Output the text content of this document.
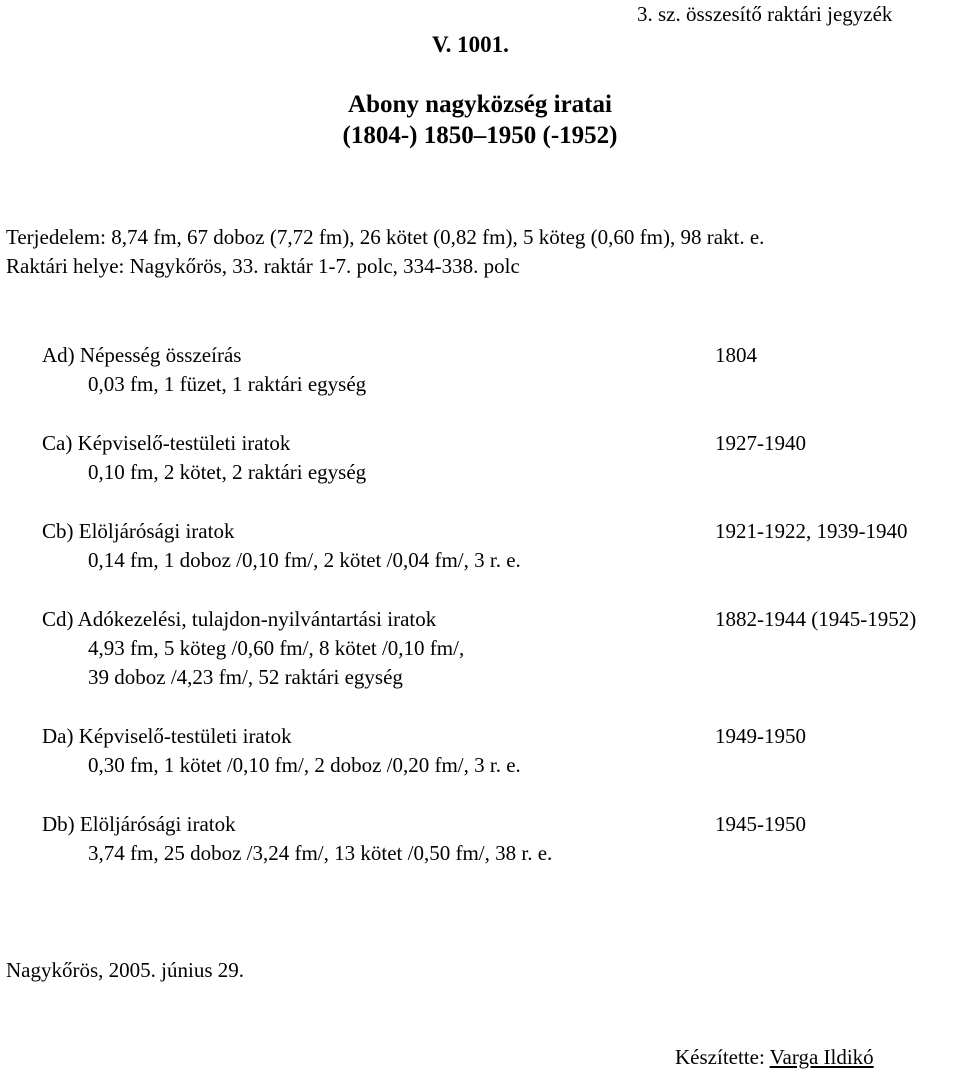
3. sz. összesítő raktári jegyzék
V. 1001.
Abony nagyközség iratai
(1804-) 1850–1950 (-1952)
Terjedelem: 8,74 fm, 67 doboz (7,72 fm), 26 kötet (0,82 fm), 5 köteg (0,60 fm), 98 rakt. e.
Raktári helye: Nagykőrös, 33. raktár 1-7. polc, 334-338. polc
Ad) Népesség összeírás	1804
0,03 fm, 1 füzet, 1 raktári egység
Ca) Képviselő-testületi iratok	1927-1940
0,10 fm, 2 kötet, 2 raktári egység
Cb) Elöljárósági iratok	1921-1922, 1939-1940
0,14 fm, 1 doboz /0,10 fm/, 2 kötet /0,04 fm/, 3 r. e.
Cd) Adókezelési, tulajdon-nyilvántartási iratok	1882-1944 (1945-1952)
4,93 fm, 5 köteg /0,60 fm/, 8 kötet /0,10 fm/,
39 doboz /4,23 fm/, 52 raktári egység
Da) Képviselő-testületi iratok	1949-1950
0,30 fm, 1 kötet /0,10 fm/, 2 doboz /0,20 fm/, 3 r. e.
Db) Elöljárósági iratok	1945-1950
3,74 fm, 25 doboz /3,24 fm/, 13 kötet /0,50 fm/, 38 r. e.
Nagykőrös, 2005. június 29.
Készítette: Varga Ildikó
